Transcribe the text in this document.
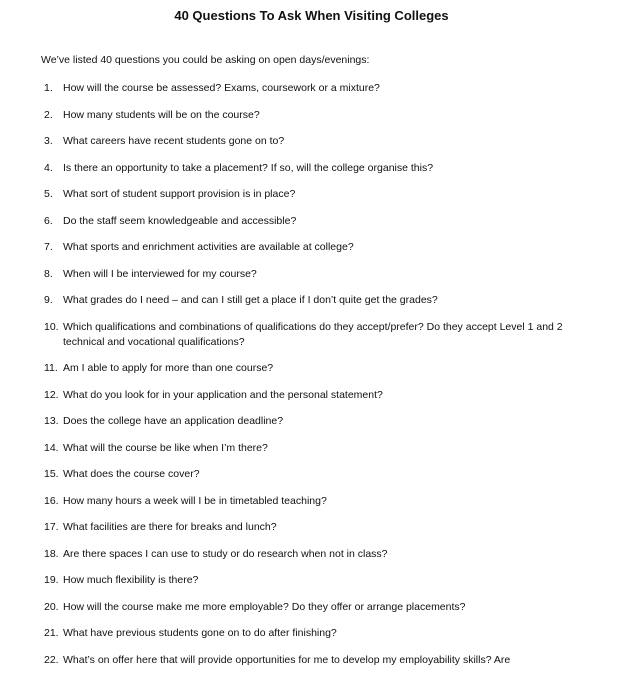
40 Questions To Ask When Visiting Colleges
We’ve listed 40 questions you could be asking on open days/evenings:
1. How will the course be assessed? Exams, coursework or a mixture?
2. How many students will be on the course?
3. What careers have recent students gone on to?
4. Is there an opportunity to take a placement? If so, will the college organise this?
5. What sort of student support provision is in place?
6. Do the staff seem knowledgeable and accessible?
7. What sports and enrichment activities are available at college?
8. When will I be interviewed for my course?
9. What grades do I need – and can I still get a place if I don’t quite get the grades?
10. Which qualifications and combinations of qualifications do they accept/prefer? Do they accept Level 1 and 2 technical and vocational qualifications?
11. Am I able to apply for more than one course?
12. What do you look for in your application and the personal statement?
13. Does the college have an application deadline?
14. What will the course be like when I’m there?
15. What does the course cover?
16. How many hours a week will I be in timetabled teaching?
17. What facilities are there for breaks and lunch?
18. Are there spaces I can use to study or do research when not in class?
19. How much flexibility is there?
20. How will the course make me more employable? Do they offer or arrange placements?
21. What have previous students gone on to do after finishing?
22. What’s on offer here that will provide opportunities for me to develop my employability skills? Are
